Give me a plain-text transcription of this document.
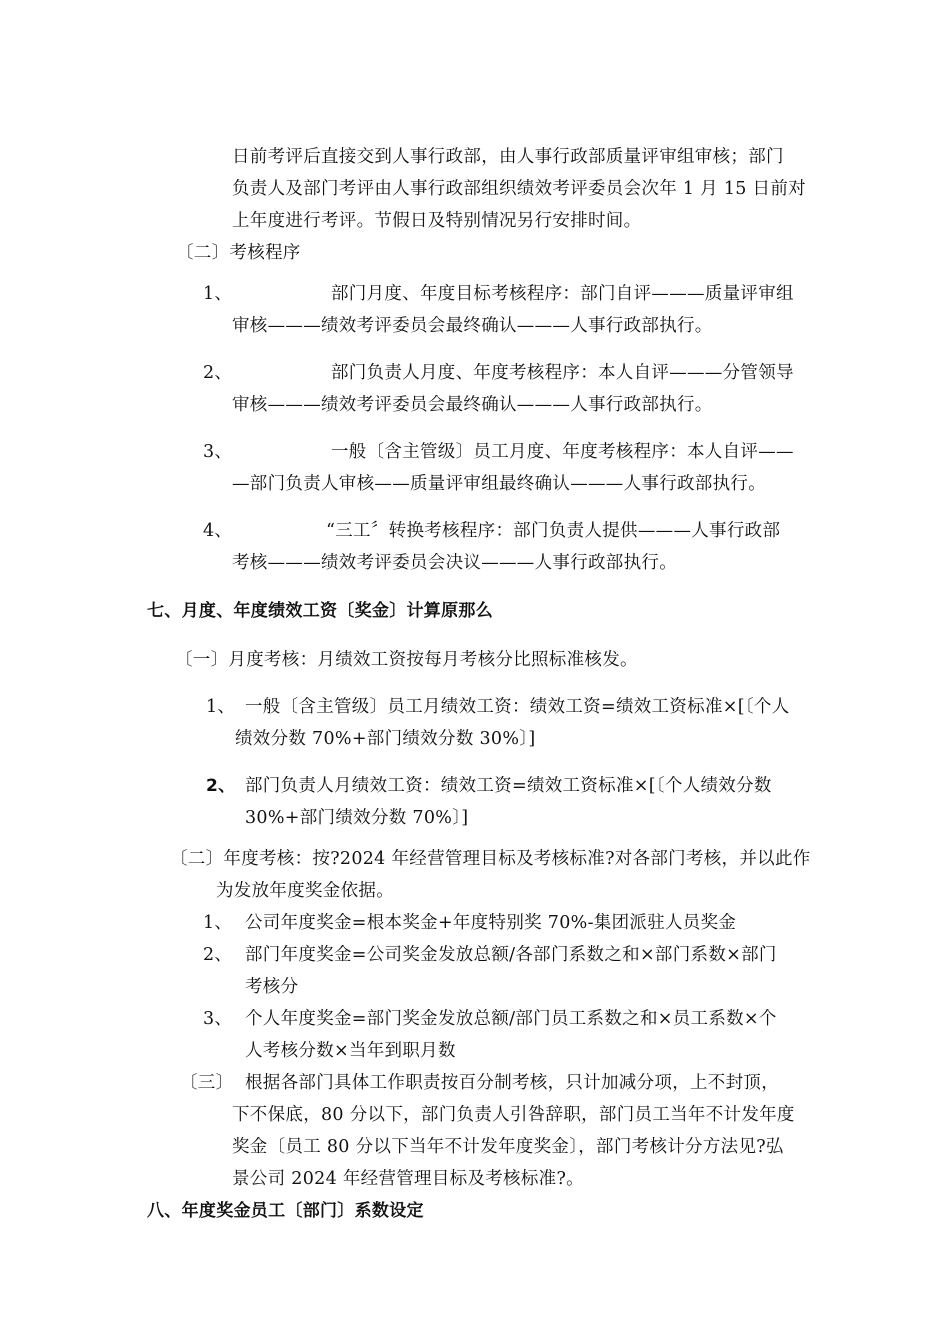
日前考评后直接交到人事行政部，由人事行政部质量评审组审核；部门
负责人及部门考评由人事行政部组织绩效考评委员会次年 1 月 15 日前对
上年度进行考评。节假日及特别情况另行安排时间。
〔二〕考核程序
1、	部门月度、年度目标考核程序：部门自评———质量评审组
审核———绩效考评委员会最终确认———人事行政部执行。
2、	部门负责人月度、年度考核程序：本人自评———分管领导
审核———绩效考评委员会最终确认———人事行政部执行。
3、	一般〔含主管级〕员工月度、年度考核程序：本人自评——
—部门负责人审核——质量评审组最终确认———人事行政部执行。
4、	“三工〞转换考核程序：部门负责人提供———人事行政部
考核———绩效考评委员会决议———人事行政部执行。
七、月度、年度绩效工资〔奖金〕计算原那么
〔一〕月度考核：月绩效工资按每月考核分比照标准核发。
1、 一般〔含主管级〕员工月绩效工资：绩效工资=绩效工资标准×[〔个人
绩效分数 70%+部门绩效分数 30%〕]
2、 部门负责人月绩效工资：绩效工资=绩效工资标准×[〔个人绩效分数
30%+部门绩效分数 70%〕]
〔二〕年度考核：按?2024 年经营管理目标及考核标准?对各部门考核，并以此作
为发放年度奖金依据。
1、 公司年度奖金=根本奖金+年度特别奖 70%-集团派驻人员奖金
2、 部门年度奖金=公司奖金发放总额/各部门系数之和×部门系数×部门
考核分
3、 个人年度奖金=部门奖金发放总额/部门员工系数之和×员工系数×个
人考核分数×当年到职月数
〔三〕 根据各部门具体工作职责按百分制考核，只计加减分项，上不封顶，
下不保底，80 分以下，部门负责人引咎辞职，部门员工当年不计发年度
奖金〔员工 80 分以下当年不计发年度奖金〕，部门考核计分方法见?弘
景公司 2024 年经营管理目标及考核标准?。
八、年度奖金员工〔部门〕系数设定
